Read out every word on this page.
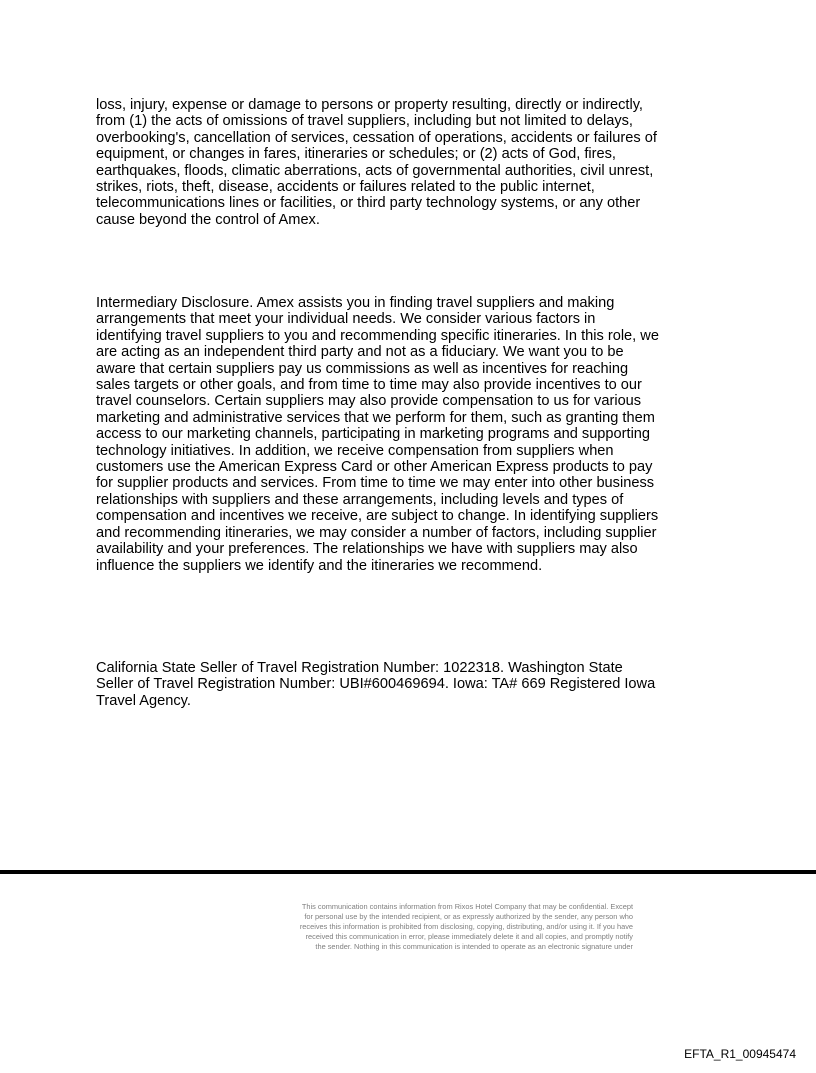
loss, injury, expense or damage to persons or property resulting, directly or indirectly,
from (1) the acts of omissions of travel suppliers, including but not limited to delays,
overbooking's, cancellation of services, cessation of operations, accidents or failures of
equipment, or changes in fares, itineraries or schedules; or (2) acts of God, fires,
earthquakes, floods, climatic aberrations, acts of governmental authorities, civil unrest,
strikes, riots, theft, disease, accidents or failures related to the public internet,
telecommunications lines or facilities, or third party technology systems, or any other
cause beyond the control of Amex.

Intermediary Disclosure. Amex assists you in finding travel suppliers and making
arrangements that meet your individual needs. We consider various factors in
identifying travel suppliers to you and recommending specific itineraries. In this role, we
are acting as an independent third party and not as a fiduciary. We want you to be
aware that certain suppliers pay us commissions as well as incentives for reaching
sales targets or other goals, and from time to time may also provide incentives to our
travel counselors. Certain suppliers may also provide compensation to us for various
marketing and administrative services that we perform for them, such as granting them
access to our marketing channels, participating in marketing programs and supporting
technology initiatives. In addition, we receive compensation from suppliers when
customers use the American Express Card or other American Express products to pay
for supplier products and services. From time to time we may enter into other business
relationships with suppliers and these arrangements, including levels and types of
compensation and incentives we receive, are subject to change. In identifying suppliers
and recommending itineraries, we may consider a number of factors, including supplier
availability and your preferences. The relationships we have with suppliers may also
influence the suppliers we identify and the itineraries we recommend.

California State Seller of Travel Registration Number: 1022318. Washington State
Seller of Travel Registration Number: UBI#600469694. Iowa: TA# 669 Registered Iowa
Travel Agency.

This communication contains information from Rixos Hotel Company that may be confidential. Except
for personal use by the intended recipient, or as expressly authorized by the sender, any person who
receives this information is prohibited from disclosing, copying, distributing, and/or using it. If you have
received this communication in error, please immediately delete it and all copies, and promptly notify
the sender. Nothing in this communication is intended to operate as an electronic signature under

EFTA_R1_00945474
